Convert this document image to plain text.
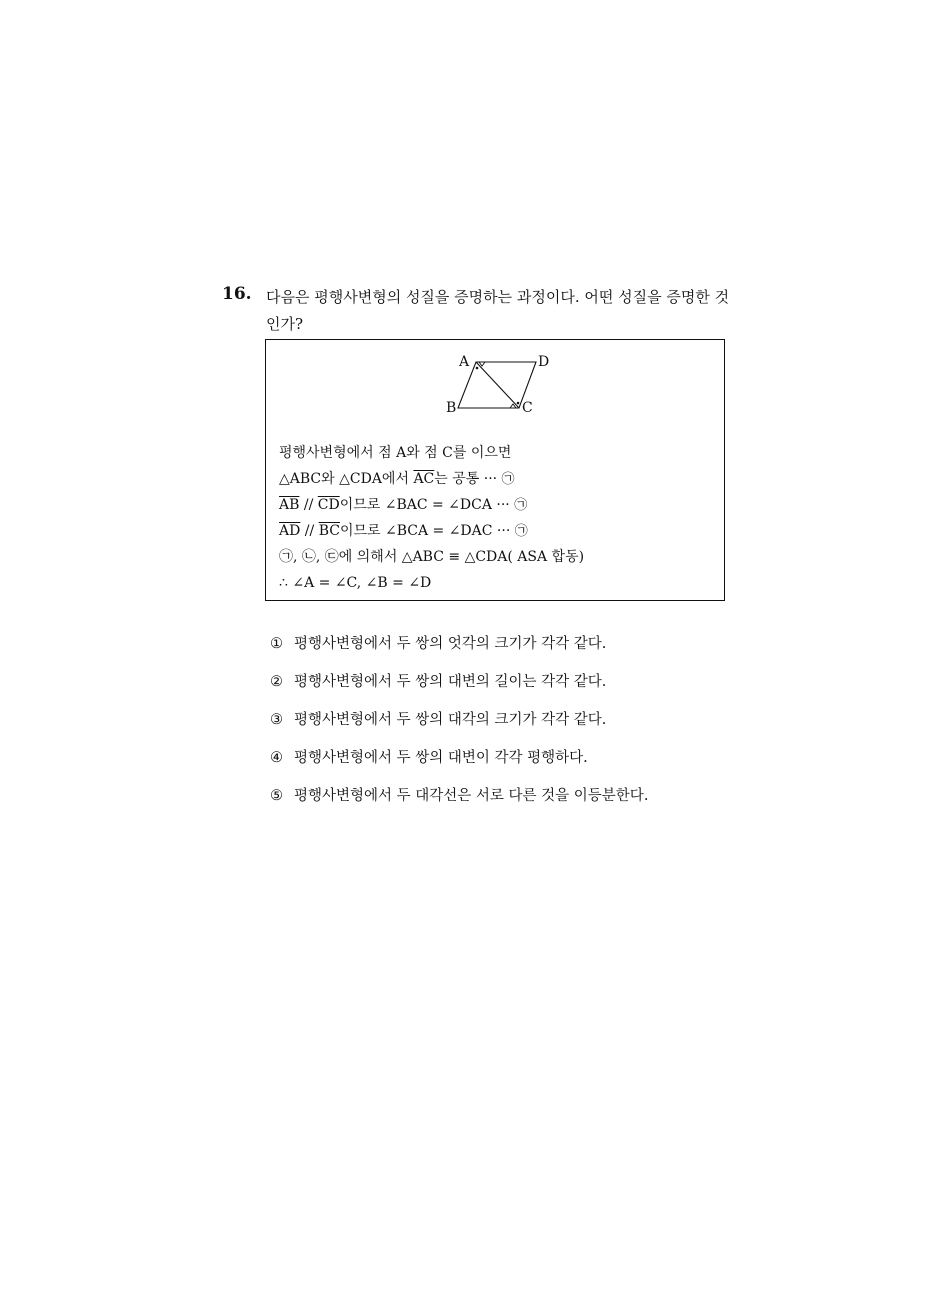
16. 다음은 평행사변형의 성질을 증명하는 과정이다. 어떤 성질을 증명한 것인가?
A	D
B	C
평행사변형에서 점 A와 점 C를 이으면
△ABC와 △CDA에서 $\overline{AC}$는 공통 ··· ㉠
$\overline{AB} // \overline{CD}$이므로 ∠BAC = ∠DCA ··· ㉠
$\overline{AD} // \overline{BC}$이므로 ∠BCA = ∠DAC ··· ㉠
㉠, ㉡, ㉢에 의해서 △ABC ≡ △CDA( ASA 합동)
∴ ∠A = ∠C, ∠B = ∠D
① 평행사변형에서 두 쌍의 엇각의 크기가 각각 같다.
② 평행사변형에서 두 쌍의 대변의 길이는 각각 같다.
③ 평행사변형에서 두 쌍의 대각의 크기가 각각 같다.
④ 평행사변형에서 두 쌍의 대변이 각각 평행하다.
⑤ 평행사변형에서 두 대각선은 서로 다른 것을 이등분한다.
